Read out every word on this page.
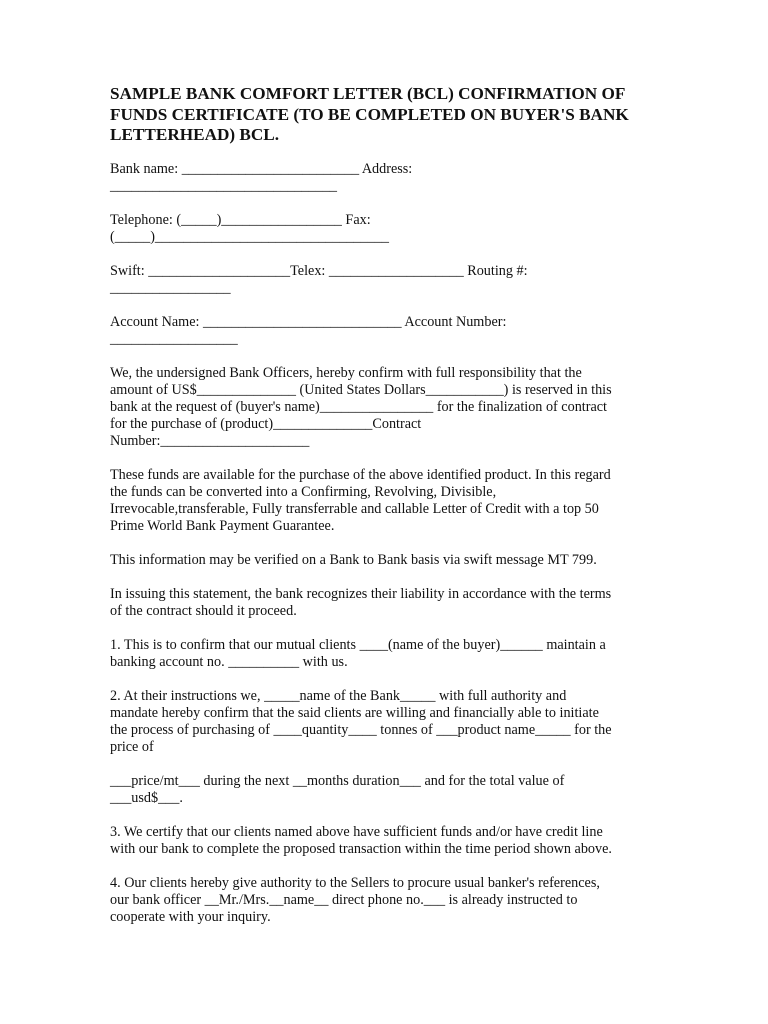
SAMPLE BANK COMFORT LETTER (BCL) CONFIRMATION OF
FUNDS CERTIFICATE (TO BE COMPLETED ON BUYER'S BANK
LETTERHEAD) BCL.

Bank name: _________________________ Address:

________________________________

Telephone: (_____)_________________ Fax:

(_____)_________________________________

Swift: ____________________Telex: ___________________ Routing #:

_________________

Account Name: ____________________________ Account Number:

__________________

We, the undersigned Bank Officers, hereby confirm with full responsibility that the

amount of US$______________ (United States Dollars___________) is reserved in this

bank at the request of (buyer's name)________________ for the finalization of contract

for the purchase of (product)______________Contract

Number:_____________________

These funds are available for the purchase of the above identified product. In this regard

the funds can be converted into a Confirming, Revolving, Divisible,

Irrevocable,transferable, Fully transferrable and callable Letter of Credit with a top 50

Prime World Bank Payment Guarantee.

This information may be verified on a Bank to Bank basis via swift message MT 799.

In issuing this statement, the bank recognizes their liability in accordance with the terms

of the contract should it proceed.

1. This is to confirm that our mutual clients ____(name of the buyer)______ maintain a

banking account no. __________ with us.

2. At their instructions we, _____name of the Bank_____ with full authority and

mandate hereby confirm that the said clients are willing and financially able to initiate

the process of purchasing of ____quantity____ tonnes of ___product name_____ for the

price of

___price/mt___ during the next __months duration___ and for the total value of

___usd$___.

3. We certify that our clients named above have sufficient funds and/or have credit line

with our bank to complete the proposed transaction within the time period shown above.

4. Our clients hereby give authority to the Sellers to procure usual banker's references,

our bank officer __Mr./Mrs.__name__ direct phone no.___ is already instructed to

cooperate with your inquiry.
